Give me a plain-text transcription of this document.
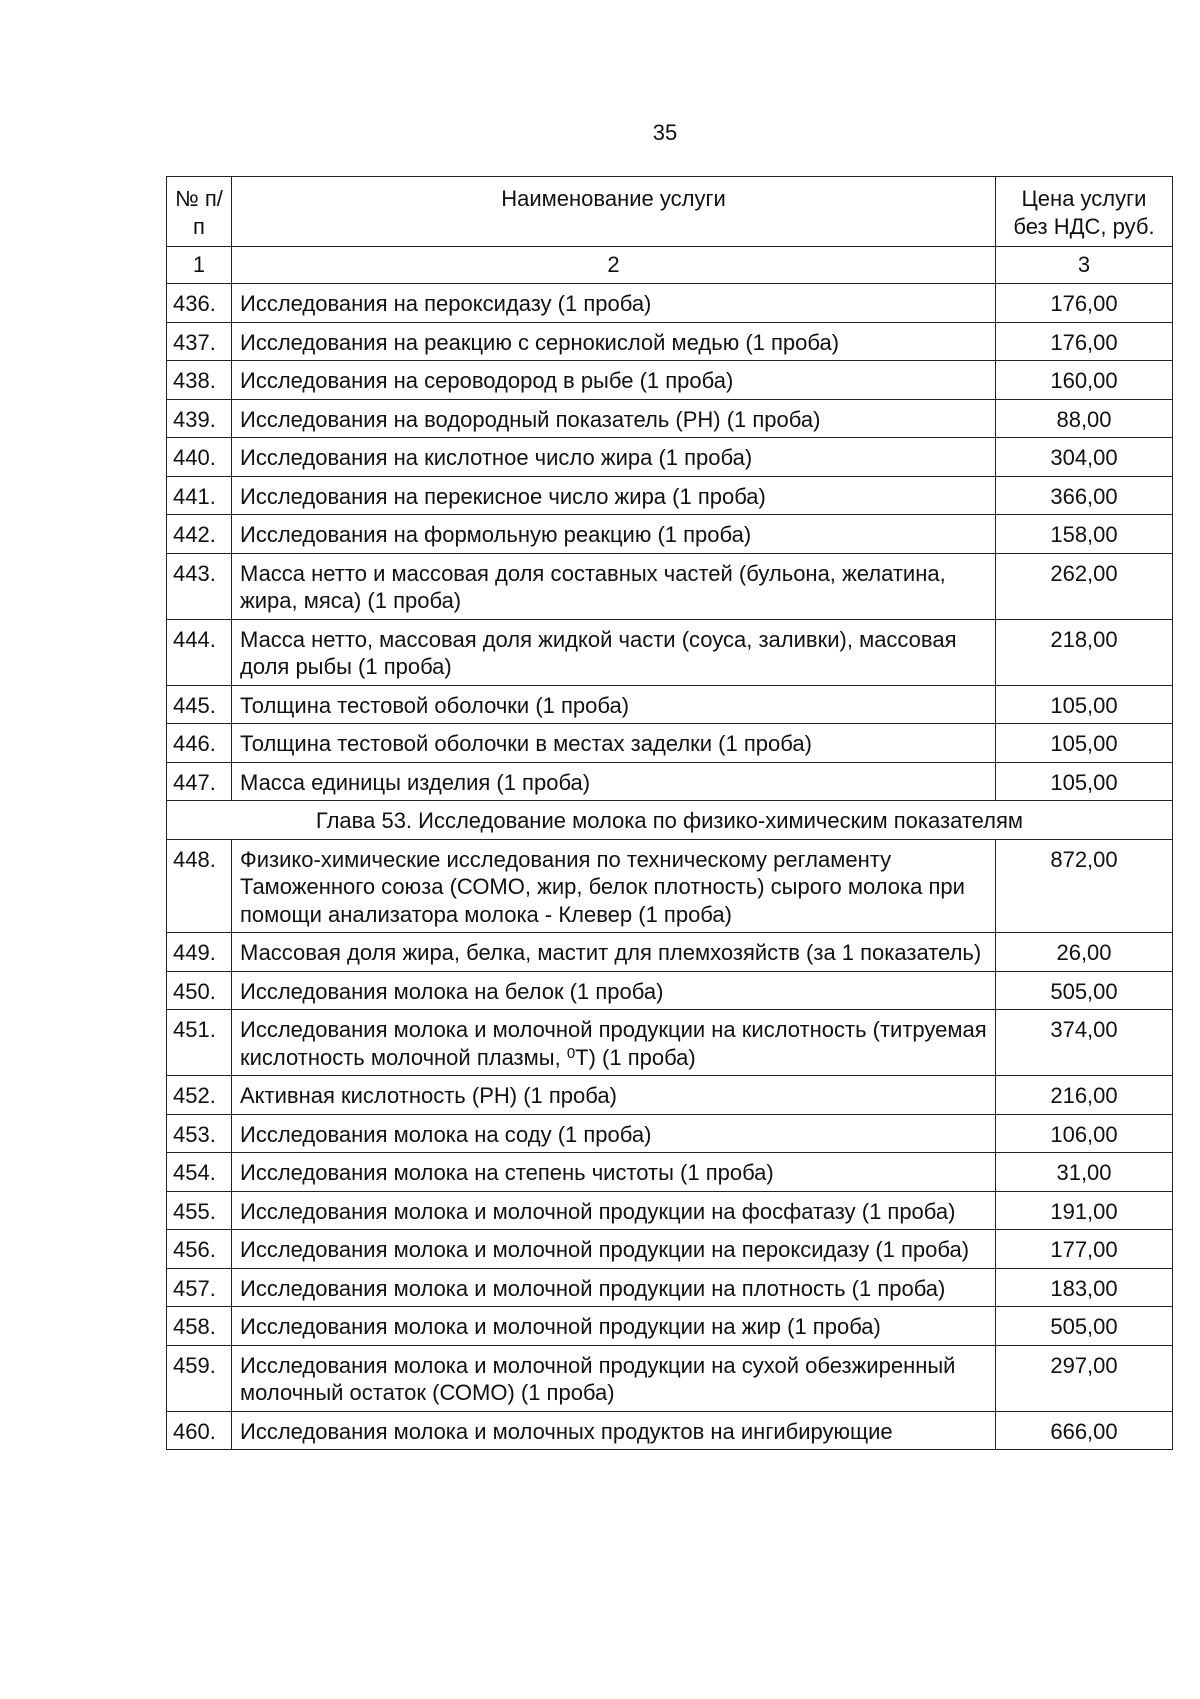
35
№ п/п	Наименование услуги	Цена услуги без НДС, руб.
1	2	3
436.	Исследования на пероксидазу (1 проба)	176,00
437.	Исследования на реакцию с сернокислой медью (1 проба)	176,00
438.	Исследования на сероводород в рыбе (1 проба)	160,00
439.	Исследования на водородный показатель (РН) (1 проба)	88,00
440.	Исследования на кислотное число жира (1 проба)	304,00
441.	Исследования на перекисное число жира (1 проба)	366,00
442.	Исследования на формольную реакцию (1 проба)	158,00
443.	Масса нетто и массовая доля составных частей (бульона, желатина, жира, мяса) (1 проба)	262,00
444.	Масса нетто, массовая доля жидкой части (соуса, заливки), массовая доля рыбы (1 проба)	218,00
445.	Толщина тестовой оболочки (1 проба)	105,00
446.	Толщина тестовой оболочки в местах заделки (1 проба)	105,00
447.	Масса единицы изделия (1 проба)	105,00
Глава 53. Исследование молока по физико-химическим показателям		
448.	Физико-химические исследования по техническому регламенту Таможенного союза (СОМО, жир, белок плотность) сырого молока при помощи анализатора молока - Клевер (1 проба)	872,00
449.	Массовая доля жира, белка, мастит для племхозяйств (за 1 показатель)	26,00
450.	Исследования молока на белок (1 проба)	505,00
451.	Исследования молока и молочной продукции на кислотность (титруемая кислотность молочной плазмы, $^0$Т) (1 проба)	374,00
452.	Активная кислотность (РН) (1 проба)	216,00
453.	Исследования молока на соду (1 проба)	106,00
454.	Исследования молока на степень чистоты (1 проба)	31,00
455.	Исследования молока и молочной продукции на фосфатазу (1 проба)	191,00
456.	Исследования молока и молочной продукции на пероксидазу (1 проба)	177,00
457.	Исследования молока и молочной продукции на плотность (1 проба)	183,00
458.	Исследования молока и молочной продукции на жир (1 проба)	505,00
459.	Исследования молока и молочной продукции на сухой обезжиренный молочный остаток (СОМО) (1 проба)	297,00
460.	Исследования молока и молочных продуктов на ингибирующие	666,00
